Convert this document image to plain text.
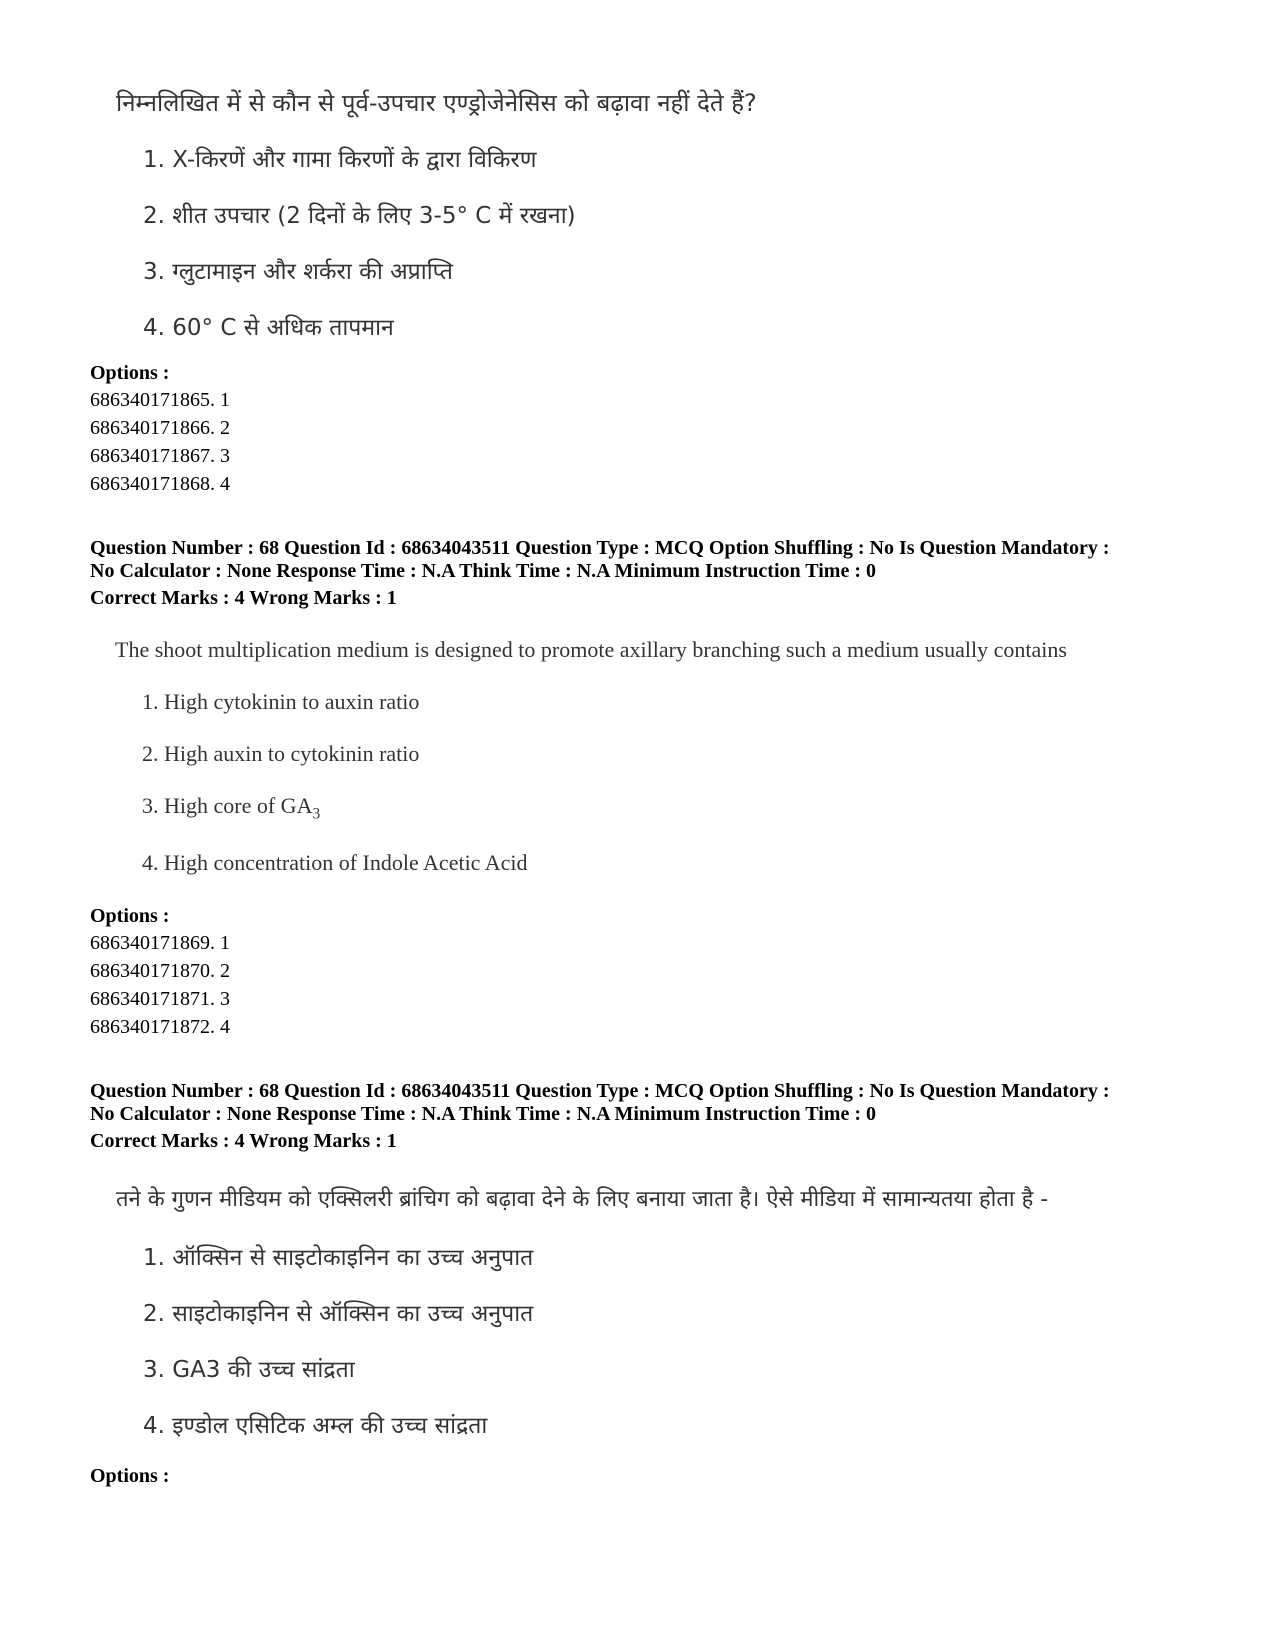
निम्नलिखित में से कौन से पूर्व-उपचार एण्ड्रोजेनेसिस को बढ़ावा नहीं देते हैं?
1. X-किरणें और गामा किरणों के द्वारा विकिरण
2. शीत उपचार (2 दिनों के लिए 3-5° C में रखना)
3. ग्लुटामाइन और शर्करा की अप्राप्ति
4. 60° C से अधिक तापमान
Options :
686340171865. 1
686340171866. 2
686340171867. 3
686340171868. 4
Question Number : 68 Question Id : 68634043511 Question Type : MCQ Option Shuffling : No Is Question Mandatory :
No Calculator : None Response Time : N.A Think Time : N.A Minimum Instruction Time : 0
Correct Marks : 4 Wrong Marks : 1
The shoot multiplication medium is designed to promote axillary branching such a medium usually contains
1. High cytokinin to auxin ratio
2. High auxin to cytokinin ratio
3. High core of $GA_3$
4. High concentration of Indole Acetic Acid
Options :
686340171869. 1
686340171870. 2
686340171871. 3
686340171872. 4
Question Number : 68 Question Id : 68634043511 Question Type : MCQ Option Shuffling : No Is Question Mandatory :
No Calculator : None Response Time : N.A Think Time : N.A Minimum Instruction Time : 0
Correct Marks : 4 Wrong Marks : 1
तने के गुणन मीडियम को एक्सिलरी ब्रांचिग को बढ़ावा देने के लिए बनाया जाता है। ऐसे मीडिया में सामान्यतया होता है -
1. ऑक्सिन से साइटोकाइनिन का उच्च अनुपात
2. साइटोकाइनिन से ऑक्सिन का उच्च अनुपात
3. GA3 की उच्च सांद्रता
4. इण्डोल एसिटिक अम्ल की उच्च सांद्रता
Options :
